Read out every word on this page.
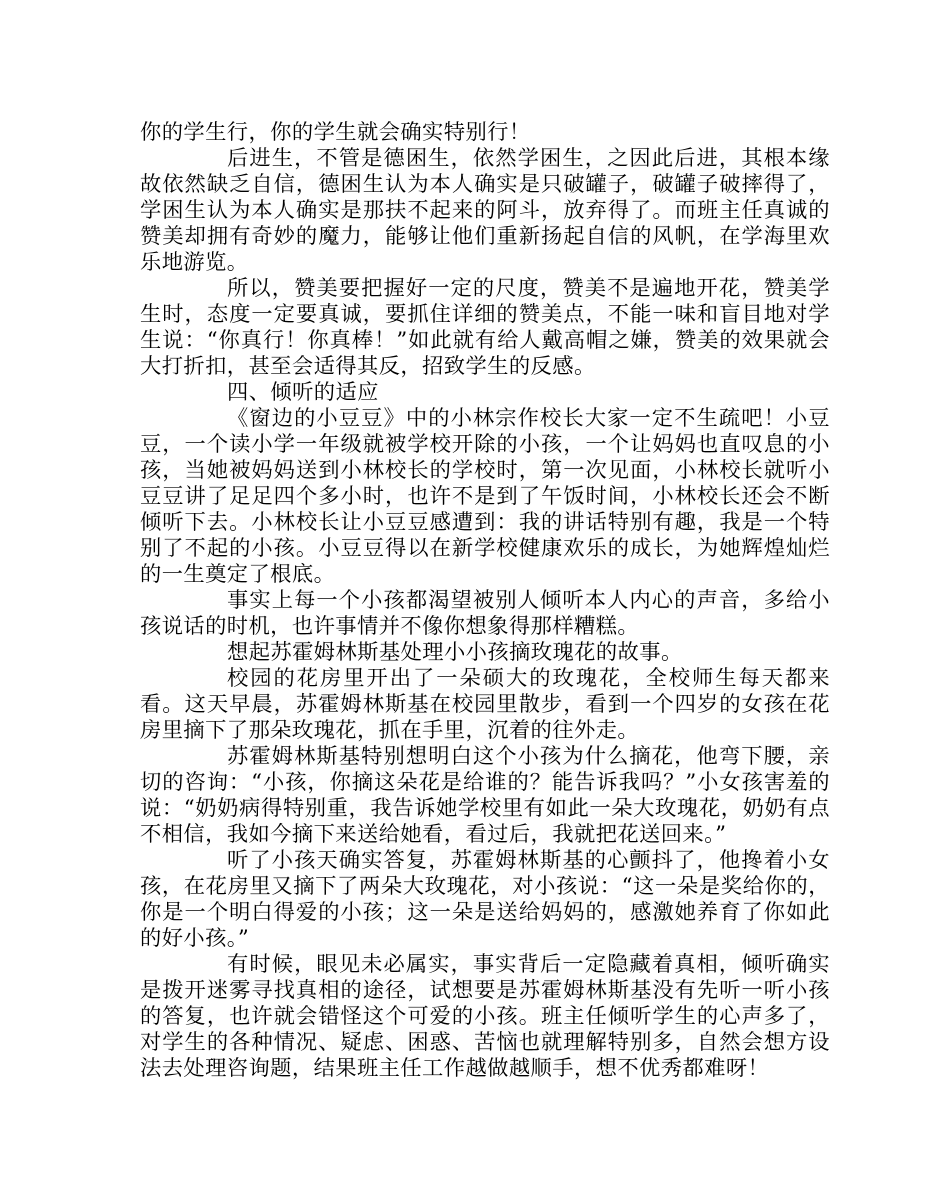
你的学生行，你的学生就会确实特别行！

后进生，不管是德困生，依然学困生，之因此后进，其根本缘故依然缺乏自信，德困生认为本人确实是只破罐子，破罐子破摔得了，学困生认为本人确实是那扶不起来的阿斗，放弃得了。而班主任真诚的赞美却拥有奇妙的魔力，能够让他们重新扬起自信的风帆，在学海里欢乐地游览。

所以，赞美要把握好一定的尺度，赞美不是遍地开花，赞美学生时，态度一定要真诚，要抓住详细的赞美点，不能一味和盲目地对学生说：“你真行！你真棒！”如此就有给人戴高帽之嫌，赞美的效果就会大打折扣，甚至会适得其反，招致学生的反感。

四、倾听的适应

《窗边的小豆豆》中的小林宗作校长大家一定不生疏吧！小豆豆，一个读小学一年级就被学校开除的小孩，一个让妈妈也直叹息的小孩，当她被妈妈送到小林校长的学校时，第一次见面，小林校长就听小豆豆讲了足足四个多小时，也许不是到了午饭时间，小林校长还会不断倾听下去。小林校长让小豆豆感遭到：我的讲话特别有趣，我是一个特别了不起的小孩。小豆豆得以在新学校健康欢乐的成长，为她辉煌灿烂的一生奠定了根底。

事实上每一个小孩都渴望被别人倾听本人内心的声音，多给小孩说话的时机，也许事情并不像你想象得那样糟糕。

想起苏霍姆林斯基处理小小孩摘玫瑰花的故事。

校园的花房里开出了一朵硕大的玫瑰花，全校师生每天都来看。这天早晨，苏霍姆林斯基在校园里散步，看到一个四岁的女孩在花房里摘下了那朵玫瑰花，抓在手里，沉着的往外走。

苏霍姆林斯基特别想明白这个小孩为什么摘花，他弯下腰，亲切的咨询：“小孩，你摘这朵花是给谁的？能告诉我吗？”小女孩害羞的说：“奶奶病得特别重，我告诉她学校里有如此一朵大玫瑰花，奶奶有点不相信，我如今摘下来送给她看，看过后，我就把花送回来。”

听了小孩天确实答复，苏霍姆林斯基的心颤抖了，他搀着小女孩，在花房里又摘下了两朵大玫瑰花，对小孩说：“这一朵是奖给你的，你是一个明白得爱的小孩；这一朵是送给妈妈的，感激她养育了你如此的好小孩。”

有时候，眼见未必属实，事实背后一定隐藏着真相，倾听确实是拨开迷雾寻找真相的途径，试想要是苏霍姆林斯基没有先听一听小孩的答复，也许就会错怪这个可爱的小孩。班主任倾听学生的心声多了，对学生的各种情况、疑虑、困惑、苦恼也就理解特别多，自然会想方设法去处理咨询题，结果班主任工作越做越顺手，想不优秀都难呀！
